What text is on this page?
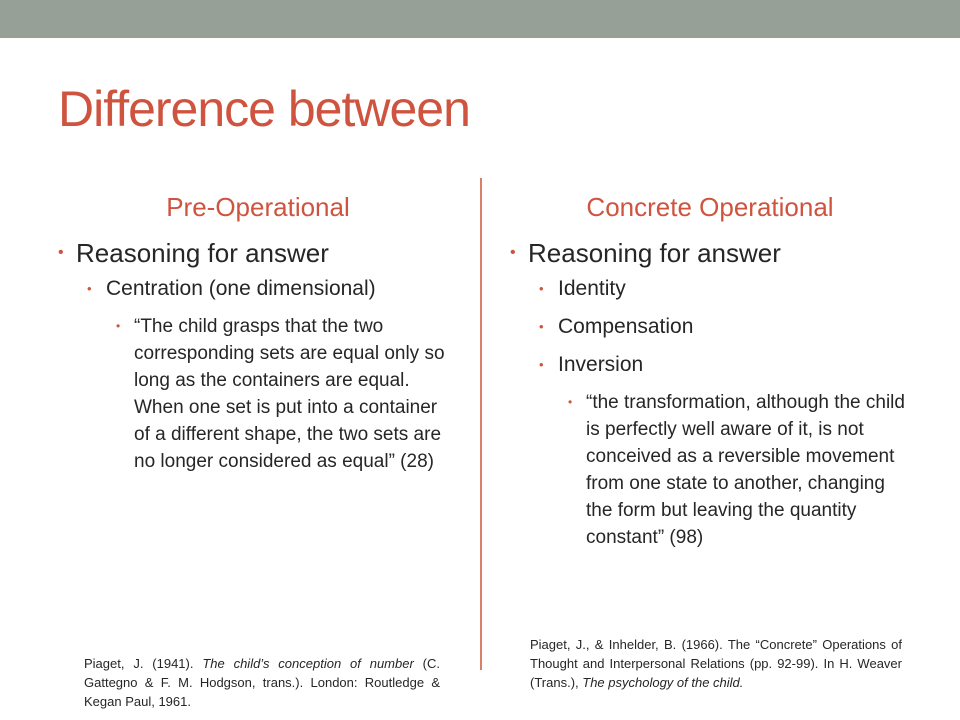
Difference between
Pre-Operational
• Reasoning for answer
• Centration (one dimensional)
• “The child grasps that the two corresponding sets are equal only so long as the containers are equal. When one set is put into a container of a different shape, the two sets are no longer considered as equal” (28)
Concrete Operational
• Reasoning for answer
• Identity
• Compensation
• Inversion
• “the transformation, although the child is perfectly well aware of it, is not conceived as a reversible movement from one state to another, changing the form but leaving the quantity constant” (98)

Piaget, J. (1941). The child’s conception of number (C. Gattegno & F. M. Hodgson, trans.). London: Routledge & Kegan Paul, 1961.

Piaget, J., & Inhelder, B. (1966). The “Concrete” Operations of Thought and Interpersonal Relations (pp. 92-99). In H. Weaver (Trans.), The psychology of the child.
